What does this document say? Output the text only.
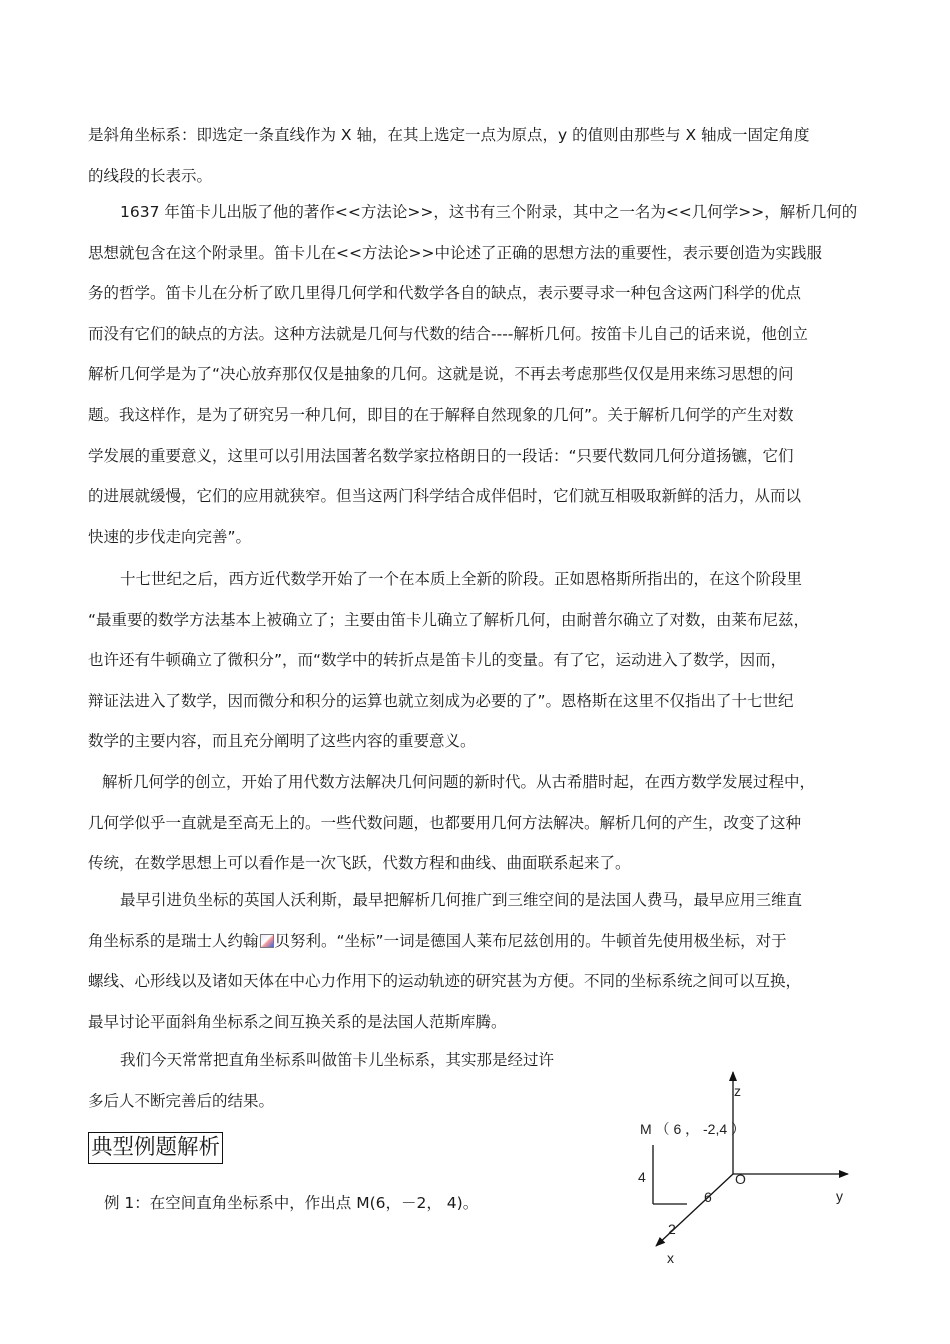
是斜角坐标系：即选定一条直线作为 X 轴，在其上选定一点为原点，y 的值则由那些与 X 轴成一固定角度
的线段的长表示。
1637 年笛卡儿出版了他的著作<<方法论>>，这书有三个附录，其中之一名为<<几何学>>，解析几何的
思想就包含在这个附录里。笛卡儿在<<方法论>>中论述了正确的思想方法的重要性，表示要创造为实践服
务的哲学。笛卡儿在分析了欧几里得几何学和代数学各自的缺点，表示要寻求一种包含这两门科学的优点
而没有它们的缺点的方法。这种方法就是几何与代数的结合----解析几何。按笛卡儿自己的话来说，他创立
解析几何学是为了“决心放弃那仅仅是抽象的几何。这就是说，不再去考虑那些仅仅是用来练习思想的问
题。我这样作，是为了研究另一种几何，即目的在于解释自然现象的几何”。关于解析几何学的产生对数
学发展的重要意义，这里可以引用法国著名数学家拉格朗日的一段话：“只要代数同几何分道扬镳，它们
的进展就缓慢，它们的应用就狭窄。但当这两门科学结合成伴侣时，它们就互相吸取新鲜的活力，从而以
快速的步伐走向完善”。
十七世纪之后，西方近代数学开始了一个在本质上全新的阶段。正如恩格斯所指出的，在这个阶段里
“最重要的数学方法基本上被确立了；主要由笛卡儿确立了解析几何，由耐普尔确立了对数，由莱布尼兹，
也许还有牛顿确立了微积分”，而“数学中的转折点是笛卡儿的变量。有了它，运动进入了数学，因而，
辩证法进入了数学，因而微分和积分的运算也就立刻成为必要的了”。恩格斯在这里不仅指出了十七世纪
数学的主要内容，而且充分阐明了这些内容的重要意义。
解析几何学的创立，开始了用代数方法解决几何问题的新时代。从古希腊时起，在西方数学发展过程中，
几何学似乎一直就是至高无上的。一些代数问题，也都要用几何方法解决。解析几何的产生，改变了这种
传统，在数学思想上可以看作是一次飞跃，代数方程和曲线、曲面联系起来了。
最早引进负坐标的英国人沃利斯，最早把解析几何推广到三维空间的是法国人费马，最早应用三维直
角坐标系的是瑞士人约翰 贝努利。“坐标”一词是德国人莱布尼兹创用的。牛顿首先使用极坐标，对于
螺线、心形线以及诸如天体在中心力作用下的运动轨迹的研究甚为方便。不同的坐标系统之间可以互换，
最早讨论平面斜角坐标系之间互换关系的是法国人范斯库腾。
我们今天常常把直角坐标系叫做笛卡儿坐标系，其实那是经过许
多后人不断完善后的结果。
典型例题解析
例 1：在空间直角坐标系中，作出点 M(6，－2， 4)。
z
y
x
O
M （ 6 ， -2,4 ）
4
6
2
